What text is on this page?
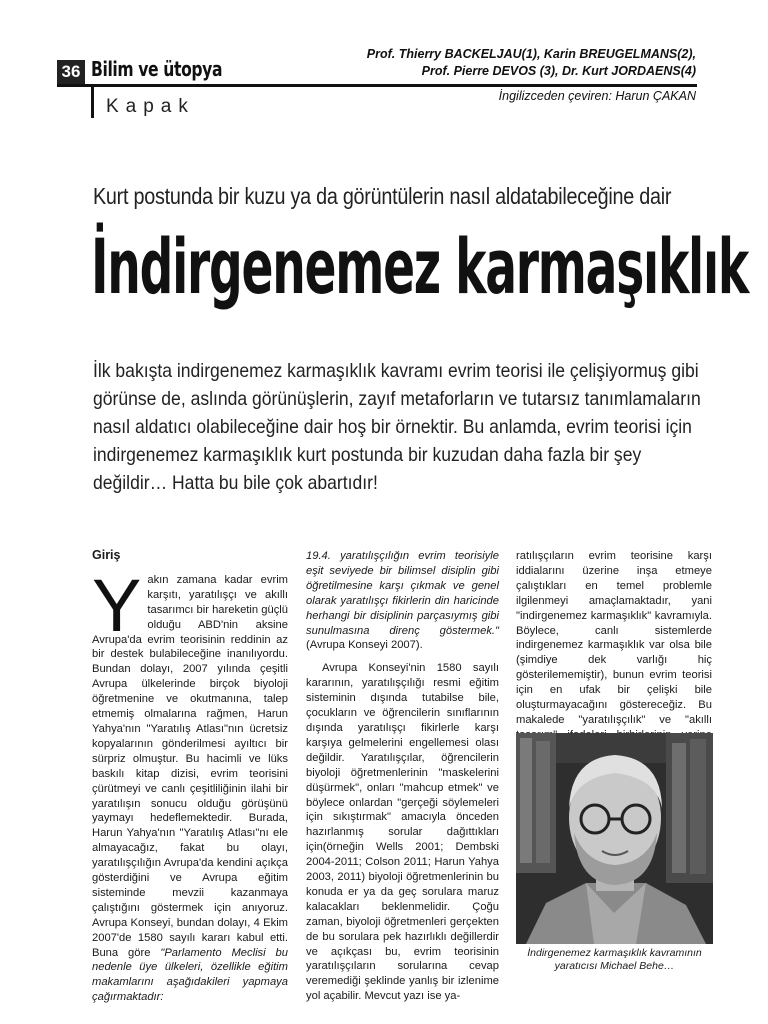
36 Bilim ve ütopya
Kapak
Prof. Thierry BACKELJAU(1), Karin BREUGELMANS(2),
Prof. Pierre DEVOS (3), Dr. Kurt JORDAENS(4)
İngilizceden çeviren: Harun ÇAKAN
Kurt postunda bir kuzu ya da görüntülerin nasıl aldatabileceğine dair
İndirgenemez karmaşıklık

İlk bakışta indirgenemez karmaşıklık kavramı evrim teorisi ile çelişiyormuş gibi görünse de, aslında görünüşlerin, zayıf metaforların ve tutarsız tanımlamaların nasıl aldatıcı olabileceğine dair hoş bir örnektir. Bu anlamda, evrim teorisi için indirgenemez karmaşıklık kurt postunda bir kuzudan daha fazla bir şey değildir… Hatta bu bile çok abartıdır!

Giriş

Yakın zamana kadar evrim karşıtı, yaratılışçı ve akıllı tasarımcı bir hareketin güçlü olduğu ABD'nin aksine Avrupa'da evrim teorisinin reddinin az bir destek bulabileceğine inanılıyordu. Bundan dolayı, 2007 yılında çeşitli Avrupa ülkelerinde birçok biyoloji öğretmenine ve okutmanına, talep etmemiş olmalarına rağmen, Harun Yahya'nın "Yaratılış Atlası"nın ücretsiz kopyalarının gönderilmesi ayıltıcı bir sürpriz olmuştur. Bu hacimli ve lüks baskılı kitap dizisi, evrim teorisini çürütmeyi ve canlı çeşitliliğinin ilahi bir yaratılışın sonucu olduğu görüşünü yaymayı hedeflemektedir. Burada, Harun Yahya'nın "Yaratılış Atlası"nı ele almayacağız, fakat bu olayı, yaratılışçılığın Avrupa'da kendini açıkça gösterdiğini ve Avrupa eğitim sisteminde mevzii kazanmaya çalıştığını göstermek için anıyoruz. Avrupa Konseyi, bundan dolayı, 4 Ekim 2007'de 1580 sayılı kararı kabul etti. Buna göre "Parlamento Meclisi bu nedenle üye ülkeleri, özellikle eğitim makamlarını aşağıdakileri yapmaya çağırmaktadır:

19.4. yaratılışçılığın evrim teorisiyle eşit seviyede bir bilimsel disiplin gibi öğretilmesine karşı çıkmak ve genel olarak yaratılışçı fikirlerin din haricinde herhangi bir disiplinin parçasıymış gibi sunulmasına direnç göstermek." (Avrupa Konseyi 2007).

Avrupa Konseyi'nin 1580 sayılı kararının, yaratılışçılığı resmi eğitim sisteminin dışında tutabilse bile, çocukların ve öğrencilerin sınıflarının dışında yaratılışçı fikirlerle karşı karşıya gelmelerini engellemesi olası değildir. Yaratılışçılar, öğrencilerin biyoloji öğretmenlerinin "maskelerini düşürmek", onları "mahcup etmek" ve böylece onlardan "gerçeği söylemeleri için sıkıştırmak" amacıyla önceden hazırlanmış sorular dağıttıkları için(örneğin Wells 2001; Dembski 2004-2011; Colson 2011; Harun Yahya 2003, 2011) biyoloji öğretmenlerinin bu konuda er ya da geç sorulara maruz kalacakları beklenmelidir. Çoğu zaman, biyoloji öğretmenleri gerçekten de bu sorulara pek hazırlıklı değillerdir ve açıkçası bu, evrim teorisinin yaratılışçıların sorularına cevap veremediği şeklinde yanlış bir izlenime yol açabilir. Mevcut yazı ise ya-

ratılışçıların evrim teorisine karşı iddialarını üzerine inşa etmeye çalıştıkları en temel problemle ilgilenmeyi amaçlamaktadır, yani "indirgenemez karmaşıklık" kavramıyla. Böylece, canlı sistemlerde indirgenemez karmaşıklık var olsa bile (şimdiye dek varlığı hiç gösterilememiştir), bunun evrim teorisi için en ufak bir çelişki bile oluşturmayacağını göstereceğiz. Bu makalede "yaratılışçılık" ve "akıllı

İndirgenemez karmaşıklık kavramının
yaratıcısı Michael Behe…
